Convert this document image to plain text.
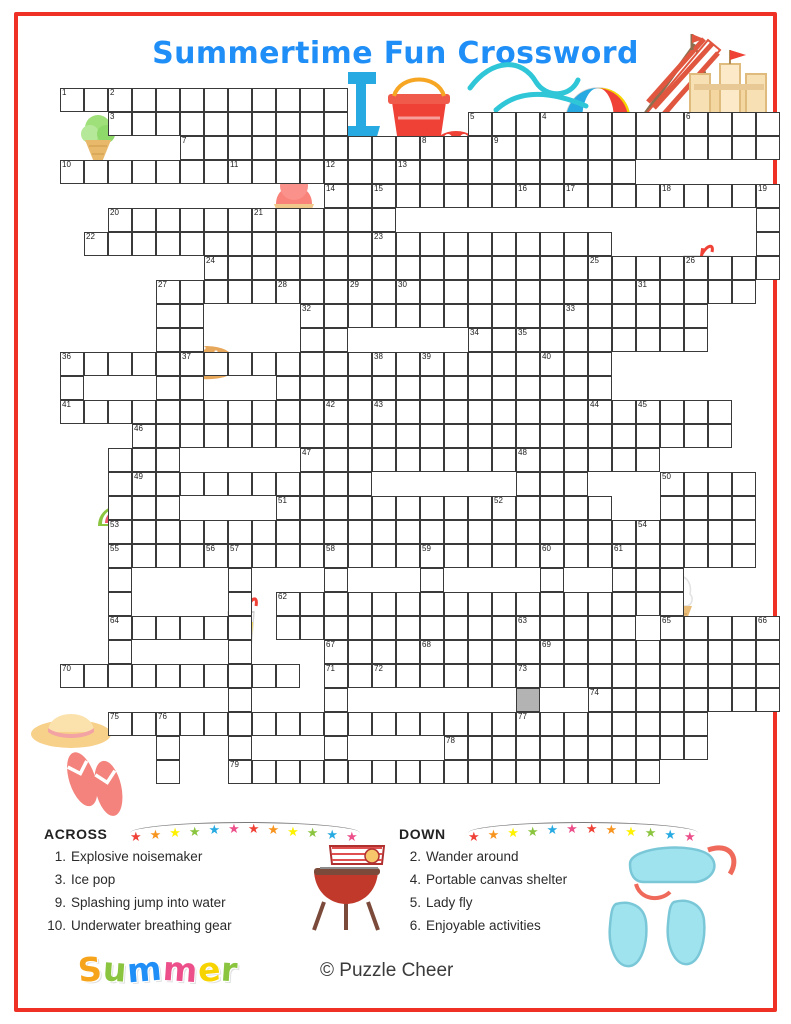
Summertime Fun Crossword
1	2
3	4	6
7	8	9
5
10	11	12	13
14	15	16	17	18	19
20	21
22	23
24	25	26
27	28	29	30	31
32	33
34	35
36	37	38	39	40
41	42	43	44	45
46
47	48
49	50
51	52
53	54
55	56 57	58	59	60	61
62
64	63	65	66
67	68	69
70	71	72	73
74
75	76	77
78
79
★ ★ ★ ★ ★ ★ ★ ★ ★ ★ ★ ★	★ ★ ★ ★ ★ ★ ★ ★ ★ ★ ★ ★
ACROSS
1. Explosive noisemaker
3. Ice pop
9. Splashing jump into water
10. Underwater breathing gear
DOWN
2. Wander around
4. Portable canvas shelter
5. Lady fly
6. Enjoyable activities
Summer	© Puzzle Cheer
